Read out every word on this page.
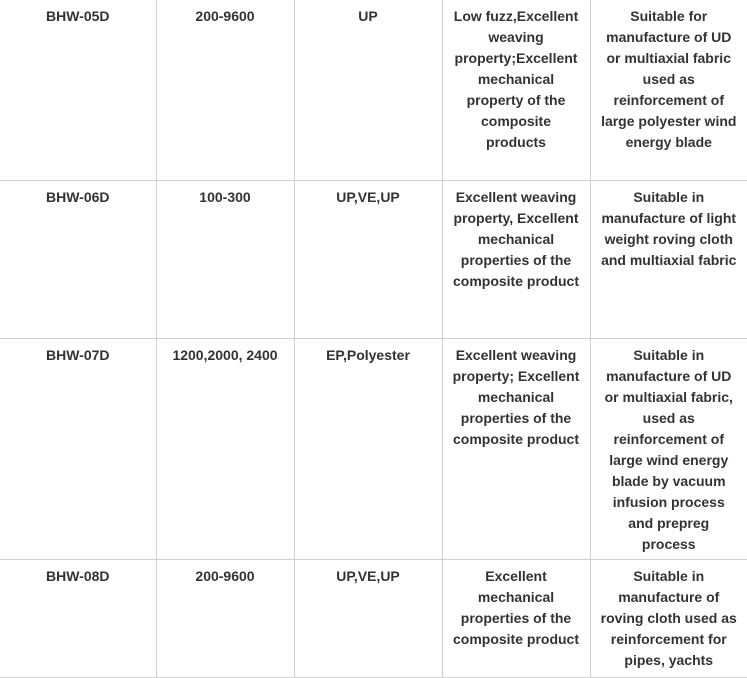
BHW-05D	200-9600	UP	Low fuzz,Excellent weaving property;Excellent mechanical property of the composite products	Suitable for manufacture of UD or multiaxial fabric used as reinforcement of large polyester wind energy blade
BHW-06D	100-300	UP,VE,UP	Excellent weaving property, Excellent mechanical properties of the composite product	Suitable in manufacture of light weight roving cloth and multiaxial fabric
BHW-07D	1200,2000, 2400	EP,Polyester	Excellent weaving property; Excellent mechanical properties of the composite product	Suitable in manufacture of UD or multiaxial fabric, used as reinforcement of large wind energy blade by vacuum infusion process and prepreg process
BHW-08D	200-9600	UP,VE,UP	Excellent mechanical properties of the composite product	Suitable in manufacture of roving cloth used as reinforcement for pipes, yachts
